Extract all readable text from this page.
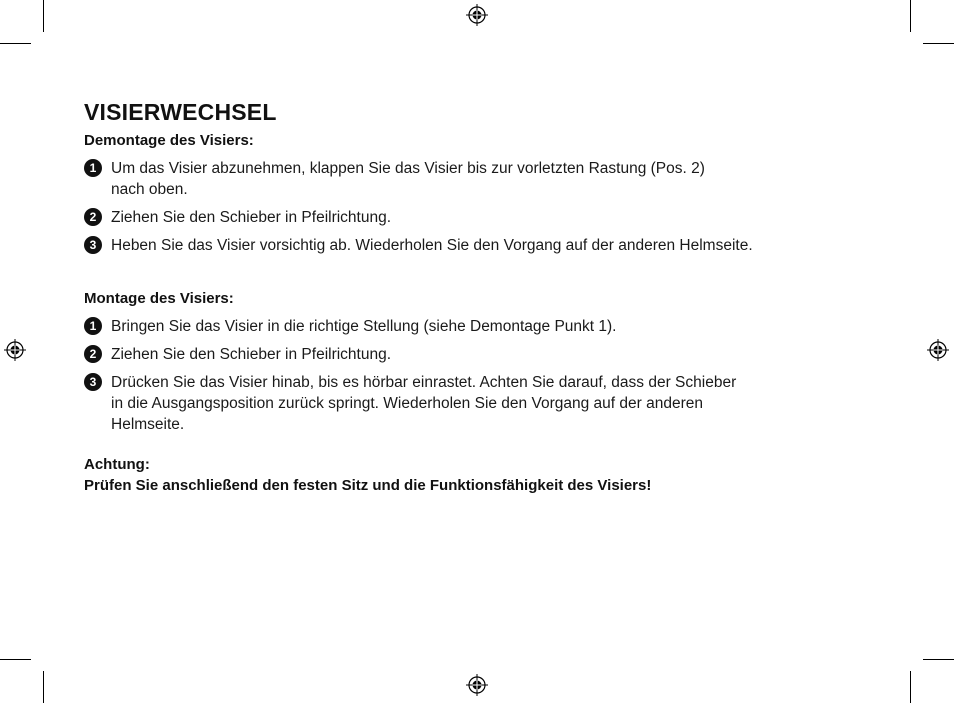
VISIERWECHSEL
Demontage des Visiers:
1 Um das Visier abzunehmen, klappen Sie das Visier bis zur vorletzten Rastung (Pos. 2)
nach oben.
2 Ziehen Sie den Schieber in Pfeilrichtung.
3 Heben Sie das Visier vorsichtig ab. Wiederholen Sie den Vorgang auf der anderen Helmseite.
Montage des Visiers:
1 Bringen Sie das Visier in die richtige Stellung (siehe Demontage Punkt 1).
2 Ziehen Sie den Schieber in Pfeilrichtung.
3 Drücken Sie das Visier hinab, bis es hörbar einrastet. Achten Sie darauf, dass der Schieber
in die Ausgangsposition zurück springt. Wiederholen Sie den Vorgang auf der anderen
Helmseite.
Achtung:
Prüfen Sie anschließend den festen Sitz und die Funktionsfähigkeit des Visiers!
